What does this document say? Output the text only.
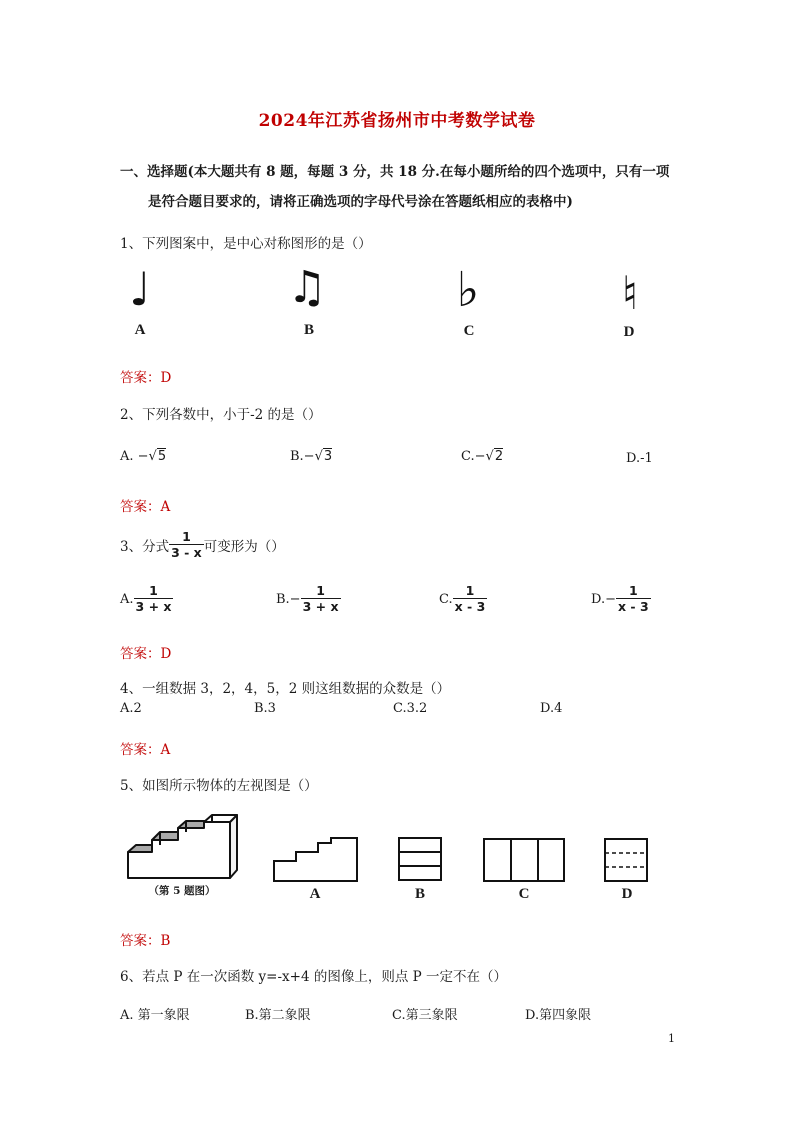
2024年江苏省扬州市中考数学试卷
一、选择题(本大题共有 8 题，每题 3 分，共 18 分.在每小题所给的四个选项中，只有一项
是符合题目要求的，请将正确选项的字母代号涂在答题纸相应的表格中)
1、下列图案中，是中心对称图形的是（）
♩	♫	♭	♮
A	B	C	D
答案：D
2、下列各数中，小于-2 的是（）
A. −√5	B.−√3	C.−√2	D.-1
答案：A
3、分式 $\frac{1}{3 - x}$ 可变形为（）
A. $\frac{1}{3 + x}$	$B.- \frac{1}{3 + x}$	C. $\frac{1}{x - 3}$	$D.- \frac{1}{x - 3}$
答案：D
4、一组数据 3，2，4，5，2 则这组数据的众数是（）
A.2	B.3	C.3.2	D.4
答案：A
5、如图所示物体的左视图是（）
（第 5 题图）	A	B	C	D
答案：B
6、若点 P 在一次函数 y=-x+4 的图像上，则点 P 一定不在（）
A. 第一象限	B.第二象限	C.第三象限	D.第四象限
1
